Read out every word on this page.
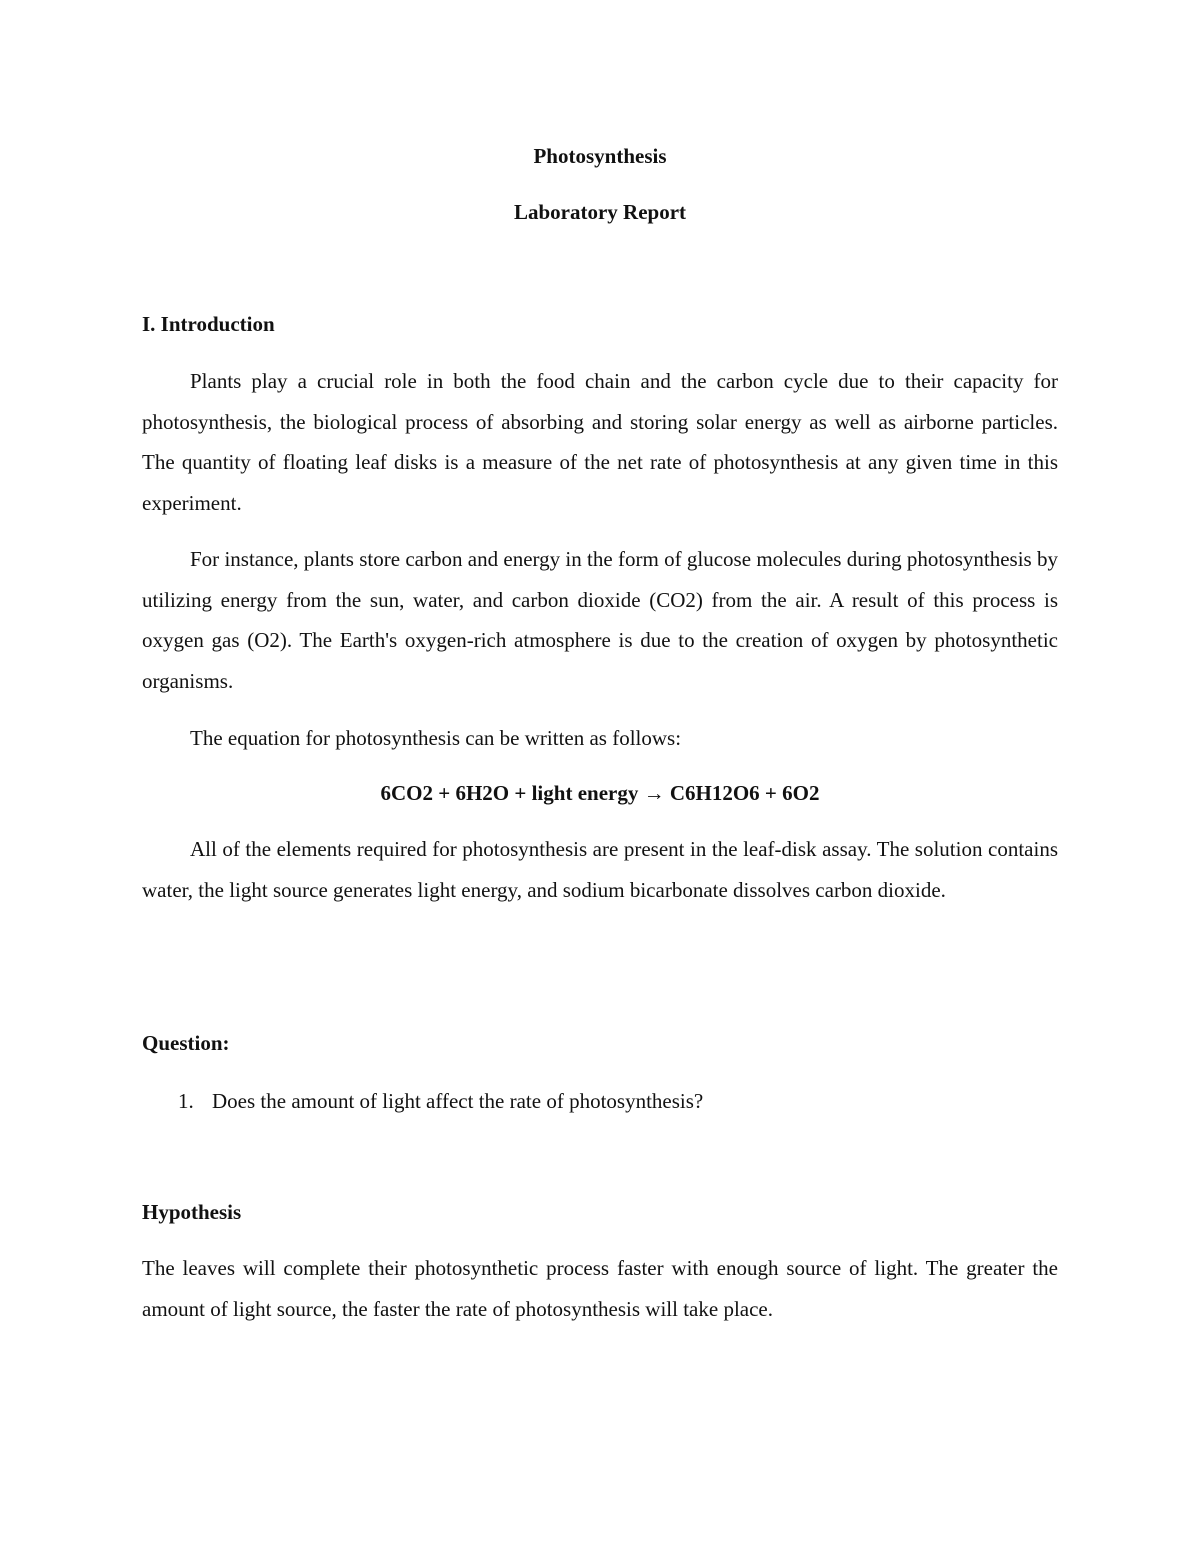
Photosynthesis
Laboratory Report
I. Introduction

Plants play a crucial role in both the food chain and the carbon cycle due to their capacity for photosynthesis, the biological process of absorbing and storing solar energy as well as airborne particles. The quantity of floating leaf disks is a measure of the net rate of photosynthesis at any given time in this experiment.

For instance, plants store carbon and energy in the form of glucose molecules during photosynthesis by utilizing energy from the sun, water, and carbon dioxide (CO2) from the air. A result of this process is oxygen gas (O2). The Earth's oxygen-rich atmosphere is due to the creation of oxygen by photosynthetic organisms.

The equation for photosynthesis can be written as follows:

6CO2 + 6H2O + light energy → C6H12O6 + 6O2

All of the elements required for photosynthesis are present in the leaf-disk assay. The solution contains water, the light source generates light energy, and sodium bicarbonate dissolves carbon dioxide.

Question:
1. Does the amount of light affect the rate of photosynthesis?
Hypothesis

The leaves will complete their photosynthetic process faster with enough source of light. The greater the amount of light source, the faster the rate of photosynthesis will take place.
